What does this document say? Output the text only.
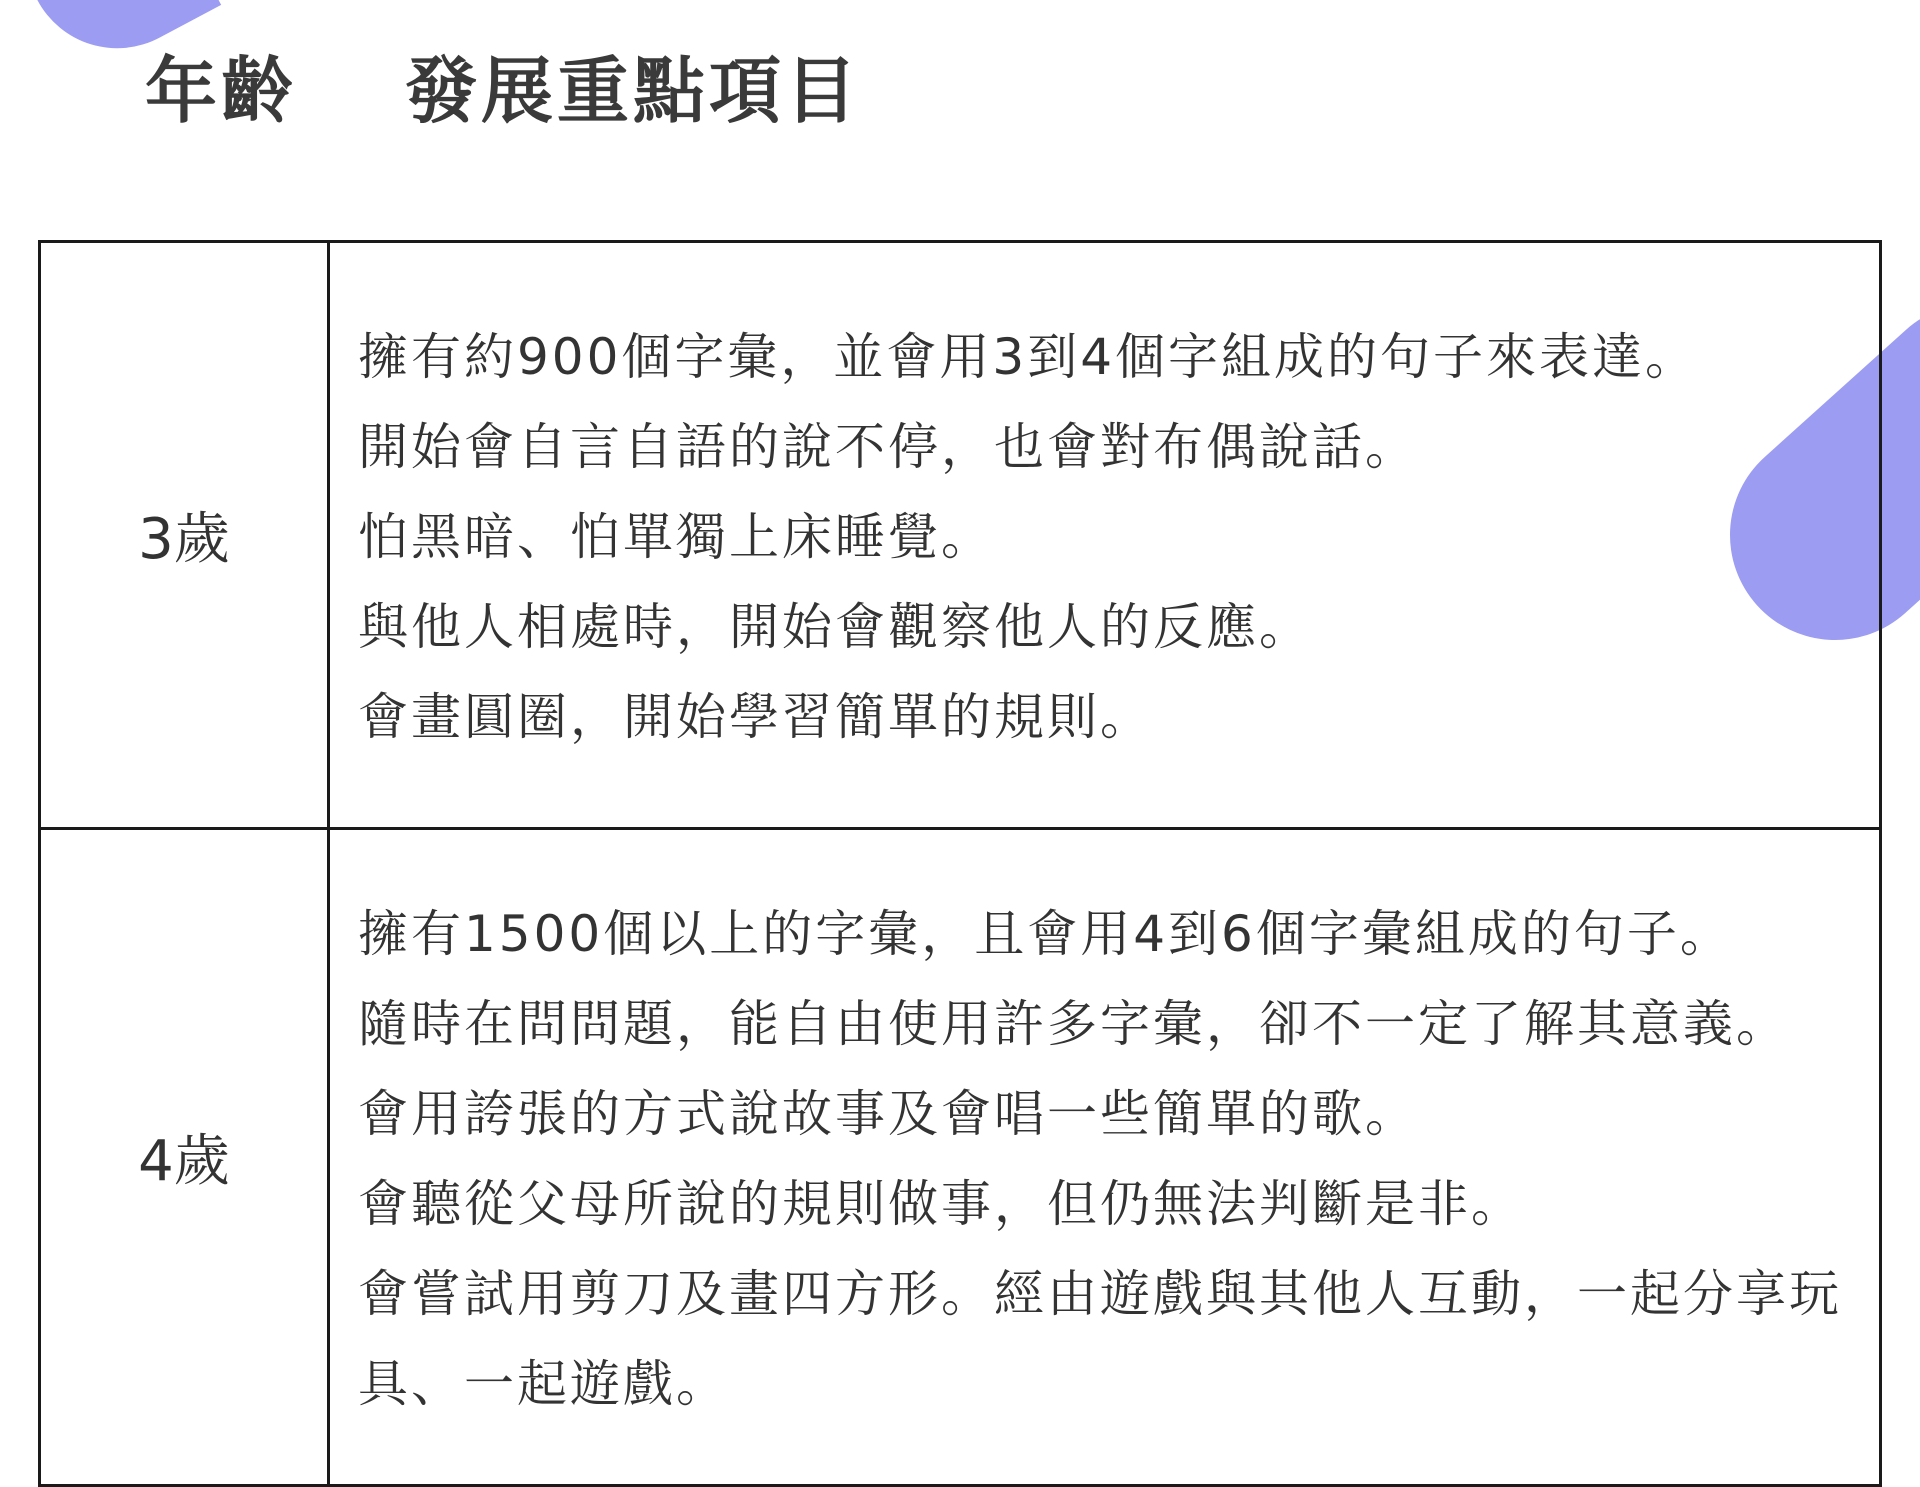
年齡	發展重點項目
3歲	擁有約900個字彙，並會用3到4個字組成的句子來表達。
開始會自言自語的說不停，也會對布偶說話。
怕黑暗、怕單獨上床睡覺。
與他人相處時，開始會觀察他人的反應。
會畫圓圈，開始學習簡單的規則。

4歲	擁有1500個以上的字彙，且會用4到6個字彙組成的句子。
隨時在問問題，能自由使用許多字彙，卻不一定了解其意義。
會用誇張的方式說故事及會唱一些簡單的歌。
會聽從父母所說的規則做事，但仍無法判斷是非。
會嘗試用剪刀及畫四方形。經由遊戲與其他人互動，一起分享玩具、一起遊戲。
